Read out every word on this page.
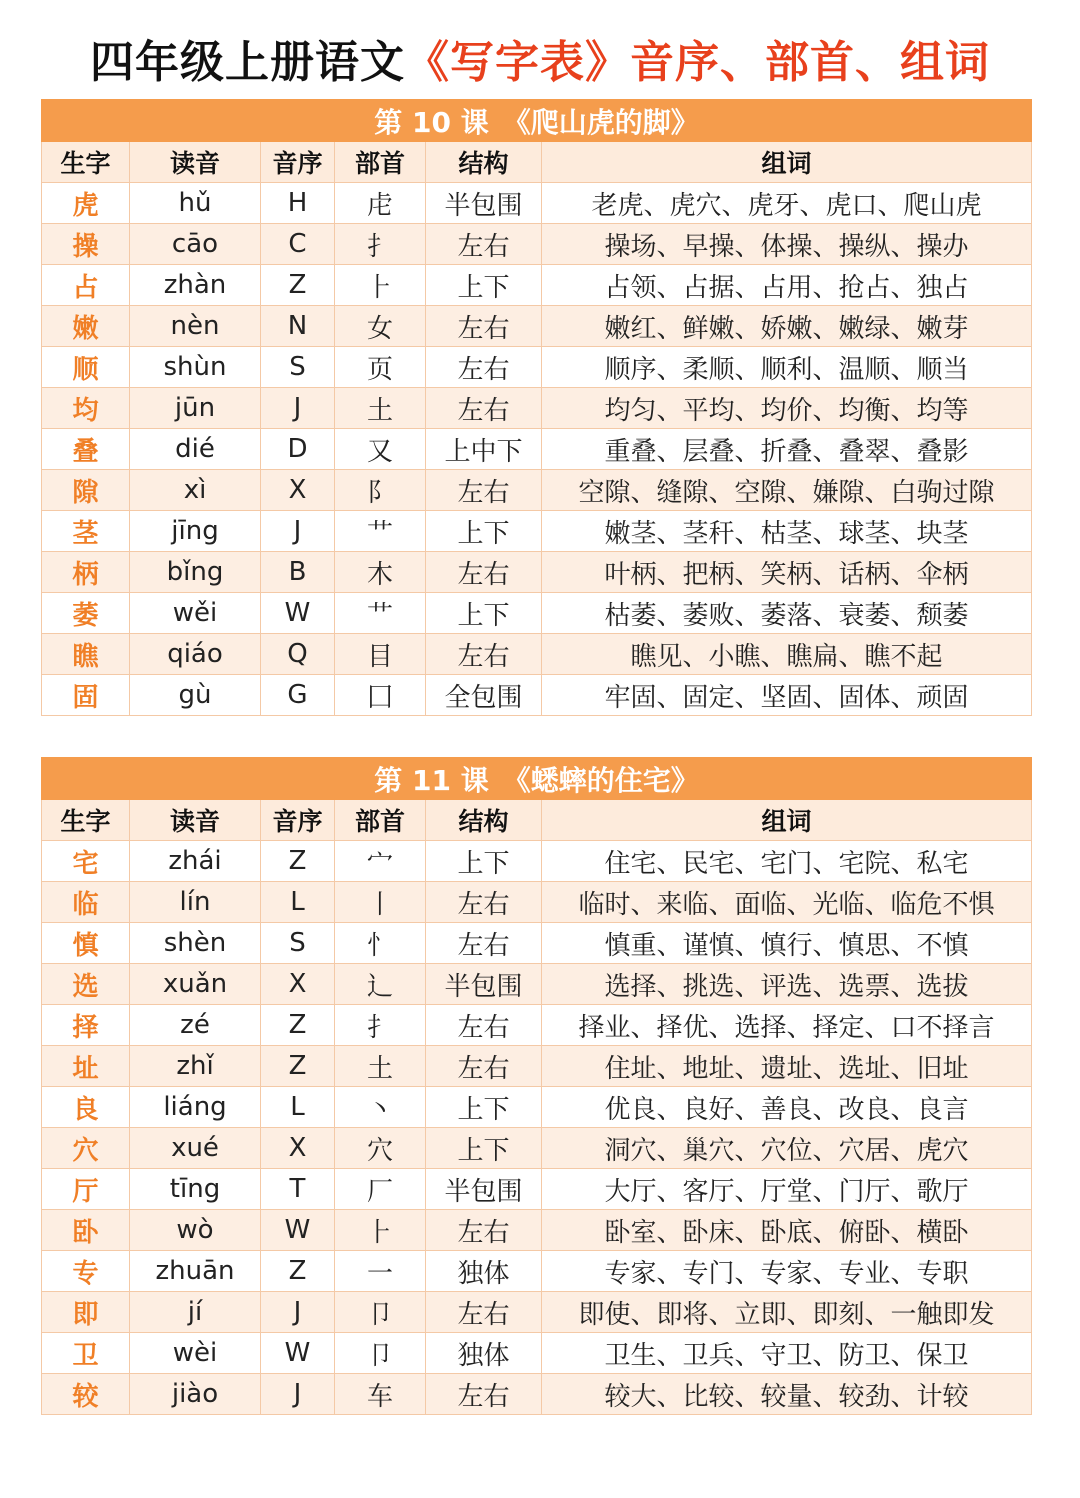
四年级上册语文《写字表》音序、部首、组词
第 10 课　《爬山虎的脚》					
生字	读音	音序	部首	结构	组词
虎	hǔ	H	虍	半包围	老虎、虎穴、虎牙、虎口、爬山虎
操	cāo	C	扌	左右	操场、早操、体操、操纵、操办
占	zhàn	Z	⺊	上下	占领、占据、占用、抢占、独占
嫩	nèn	N	女	左右	嫩红、鲜嫩、娇嫩、嫩绿、嫩芽
顺	shùn	S	页	左右	顺序、柔顺、顺利、温顺、顺当
均	jūn	J	土	左右	均匀、平均、均价、均衡、均等
叠	dié	D	又	上中下	重叠、层叠、折叠、叠翠、叠影
隙	xì	X	阝	左右	空隙、缝隙、空隙、嫌隙、白驹过隙
茎	jīng	J	艹	上下	嫩茎、茎秆、枯茎、球茎、块茎
柄	bǐng	B	木	左右	叶柄、把柄、笑柄、话柄、伞柄
萎	wěi	W	艹	上下	枯萎、萎败、萎落、衰萎、颓萎
瞧	qiáo	Q	目	左右	瞧见、小瞧、瞧扁、瞧不起
固	gù	G	囗	全包围	牢固、固定、坚固、固体、顽固
第 11 课　《蟋蟀的住宅》					
生字	读音	音序	部首	结构	组词
宅	zhái	Z	宀	上下	住宅、民宅、宅门、宅院、私宅
临	lín	L	丨	左右	临时、来临、面临、光临、临危不惧
慎	shèn	S	忄	左右	慎重、谨慎、慎行、慎思、不慎
选	xuǎn	X	辶	半包围	选择、挑选、评选、选票、选拔
择	zé	Z	扌	左右	择业、择优、选择、择定、口不择言
址	zhǐ	Z	土	左右	住址、地址、遗址、选址、旧址
良	liáng	L	丶	上下	优良、良好、善良、改良、良言
穴	xué	X	穴	上下	洞穴、巢穴、穴位、穴居、虎穴
厅	tīng	T	厂	半包围	大厅、客厅、厅堂、门厅、歌厅
卧	wò	W	⺊	左右	卧室、卧床、卧底、俯卧、横卧
专	zhuān	Z	一	独体	专家、专门、专家、专业、专职
即	jí	J	卩	左右	即使、即将、立即、即刻、一触即发
卫	wèi	W	卩	独体	卫生、卫兵、守卫、防卫、保卫
较	jiào	J	车	左右	较大、比较、较量、较劲、计较
